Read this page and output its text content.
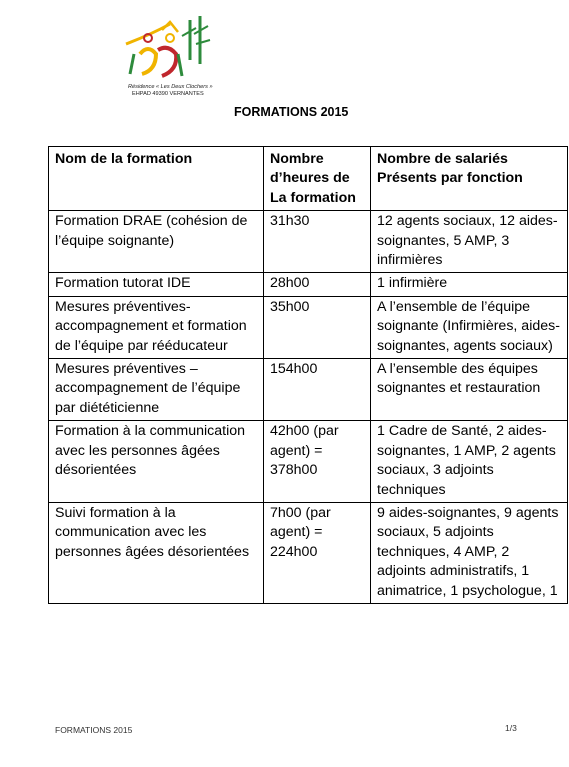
Résidence « Les Deux Clochers »
EHPAD 49390 VERNANTES
FORMATIONS 2015
Nom de la formation	Nombre d’heures de La formation	Nombre de salariés Présents par fonction
Formation DRAE (cohésion de l’équipe soignante)	31h30	12 agents sociaux, 12 aides-soignantes, 5 AMP, 3 infirmières
Formation tutorat IDE	28h00	1 infirmière
Mesures préventives-accompagnement et formation de l’équipe par rééducateur	35h00	A l’ensemble de l’équipe soignante (Infirmières, aides-soignantes, agents sociaux)
Mesures préventives – accompagnement de l’équipe par diététicienne	154h00	A l’ensemble des équipes soignantes et restauration
Formation à la communication avec les personnes âgées désorientées	42h00 (par agent) = 378h00	1 Cadre de Santé, 2 aides-soignantes, 1 AMP, 2 agents sociaux, 3 adjoints techniques
Suivi formation à la communication avec les personnes âgées désorientées	7h00 (par agent) = 224h00	9 aides-soignantes, 9 agents sociaux, 5 adjoints techniques, 4 AMP, 2 adjoints administratifs, 1 animatrice, 1 psychologue, 1
FORMATIONS 2015	1/3
